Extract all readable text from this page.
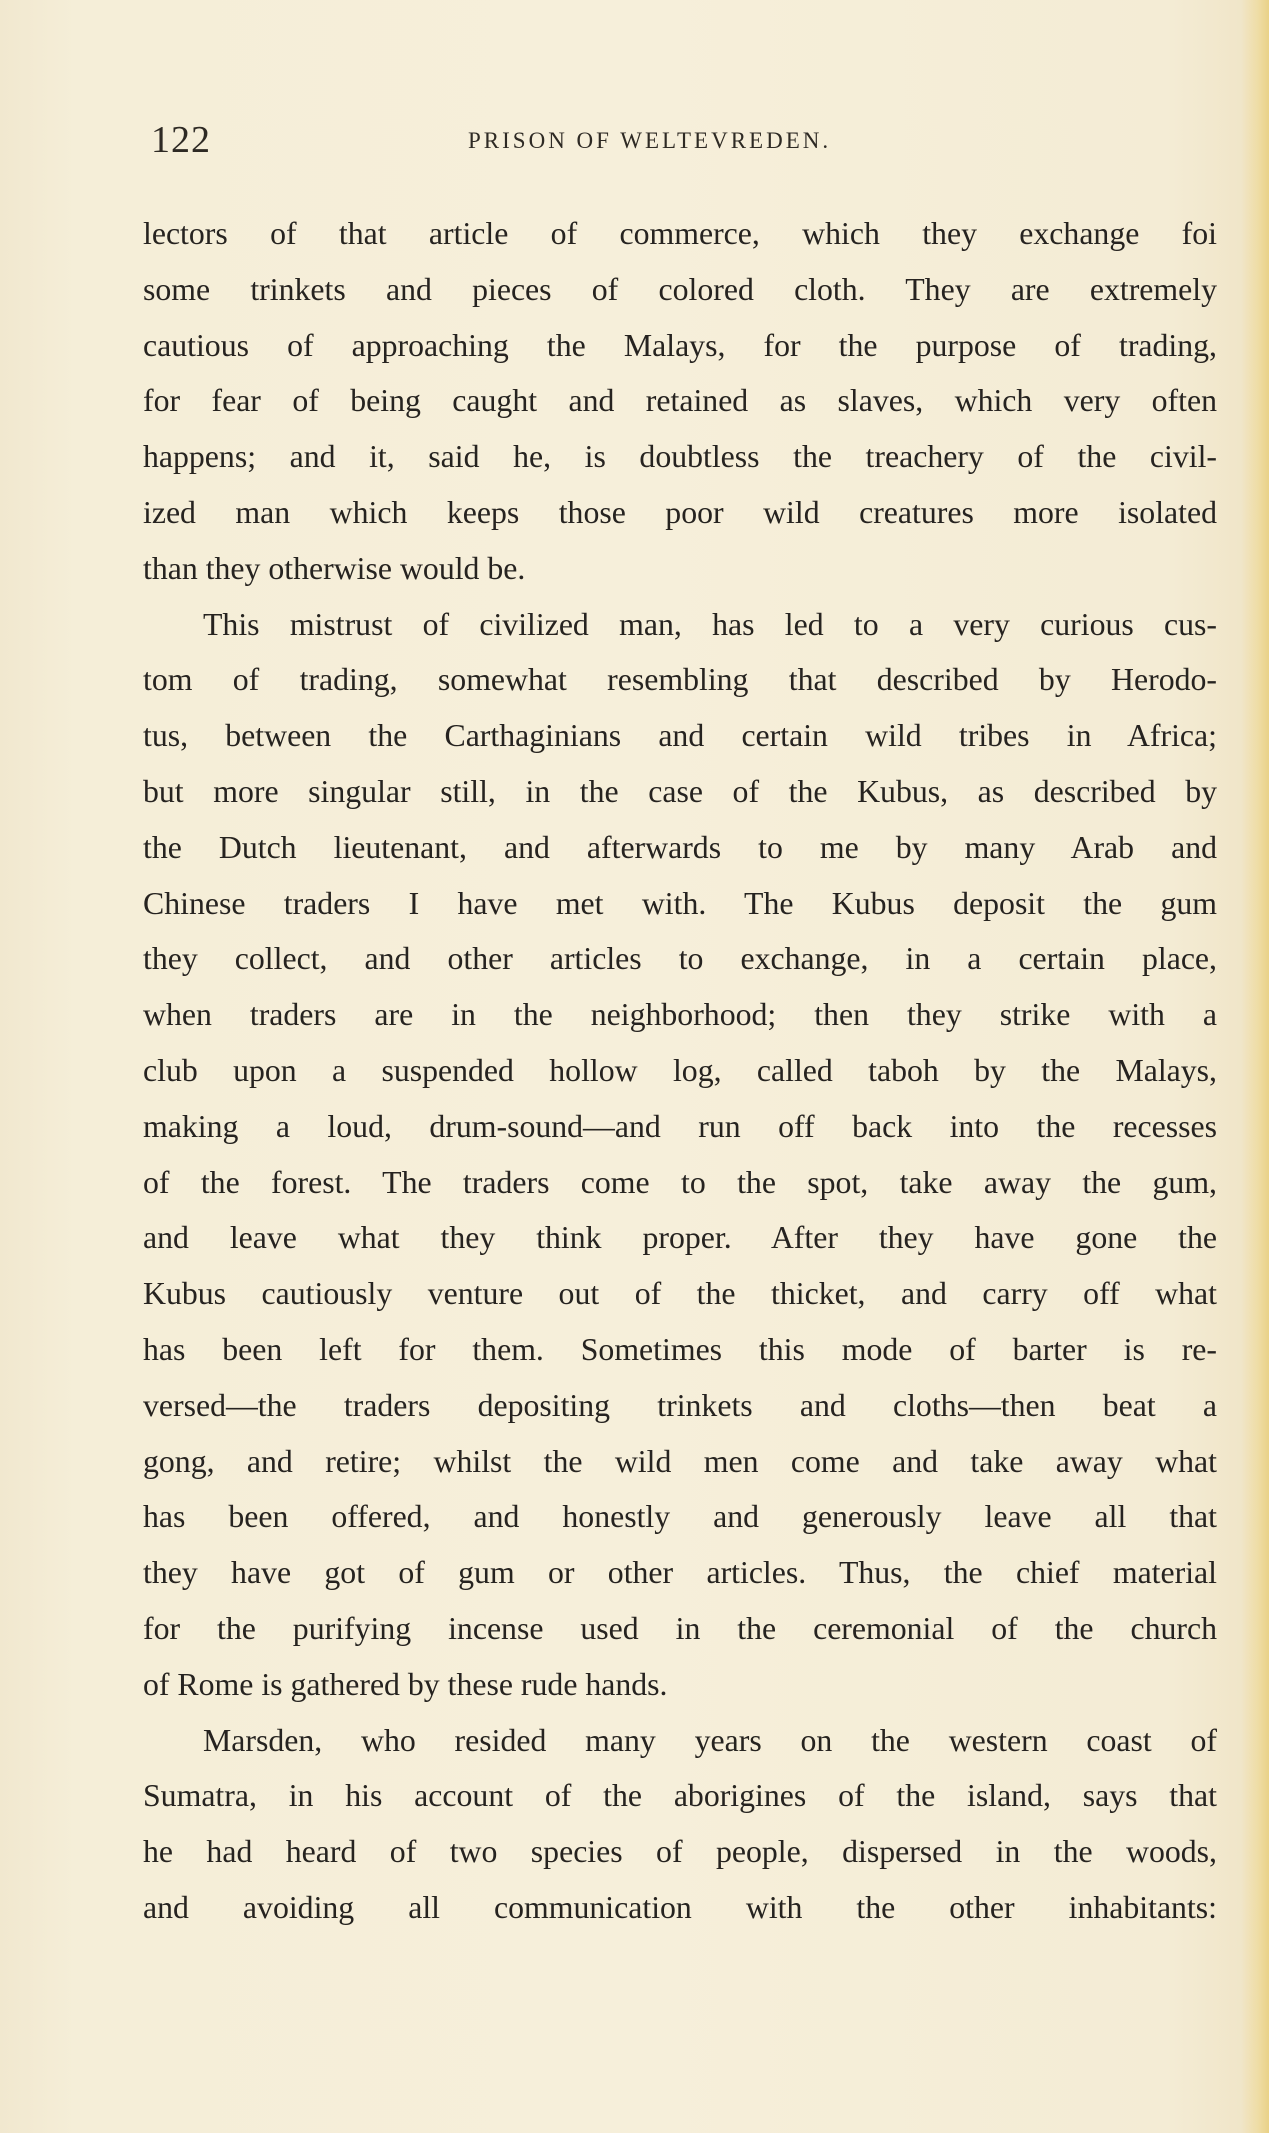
122	PRISON OF WELTEVREDEN.
lectors of that article of commerce, which they exchange foi
some trinkets and pieces of colored cloth. They are extremely
cautious of approaching the Malays, for the purpose of trading,
for fear of being caught and retained as slaves, which very often
happens; and it, said he, is doubtless the treachery of the civil-
ized man which keeps those poor wild creatures more isolated
than they otherwise would be.
This mistrust of civilized man, has led to a very curious cus-
tom of trading, somewhat resembling that described by Herodo-
tus, between the Carthaginians and certain wild tribes in Africa;
but more singular still, in the case of the Kubus, as described by
the Dutch lieutenant, and afterwards to me by many Arab and
Chinese traders I have met with. The Kubus deposit the gum
they collect, and other articles to exchange, in a certain place,
when traders are in the neighborhood; then they strike with a
club upon a suspended hollow log, called taboh by the Malays,
making a loud, drum-sound—and run off back into the recesses
of the forest. The traders come to the spot, take away the gum,
and leave what they think proper. After they have gone the
Kubus cautiously venture out of the thicket, and carry off what
has been left for them. Sometimes this mode of barter is re-
versed—the traders depositing trinkets and cloths—then beat a
gong, and retire; whilst the wild men come and take away what
has been offered, and honestly and generously leave all that
they have got of gum or other articles. Thus, the chief material
for the purifying incense used in the ceremonial of the church
of Rome is gathered by these rude hands.
Marsden, who resided many years on the western coast of
Sumatra, in his account of the aborigines of the island, says that
he had heard of two species of people, dispersed in the woods,
and avoiding all communication with the other inhabitants:
